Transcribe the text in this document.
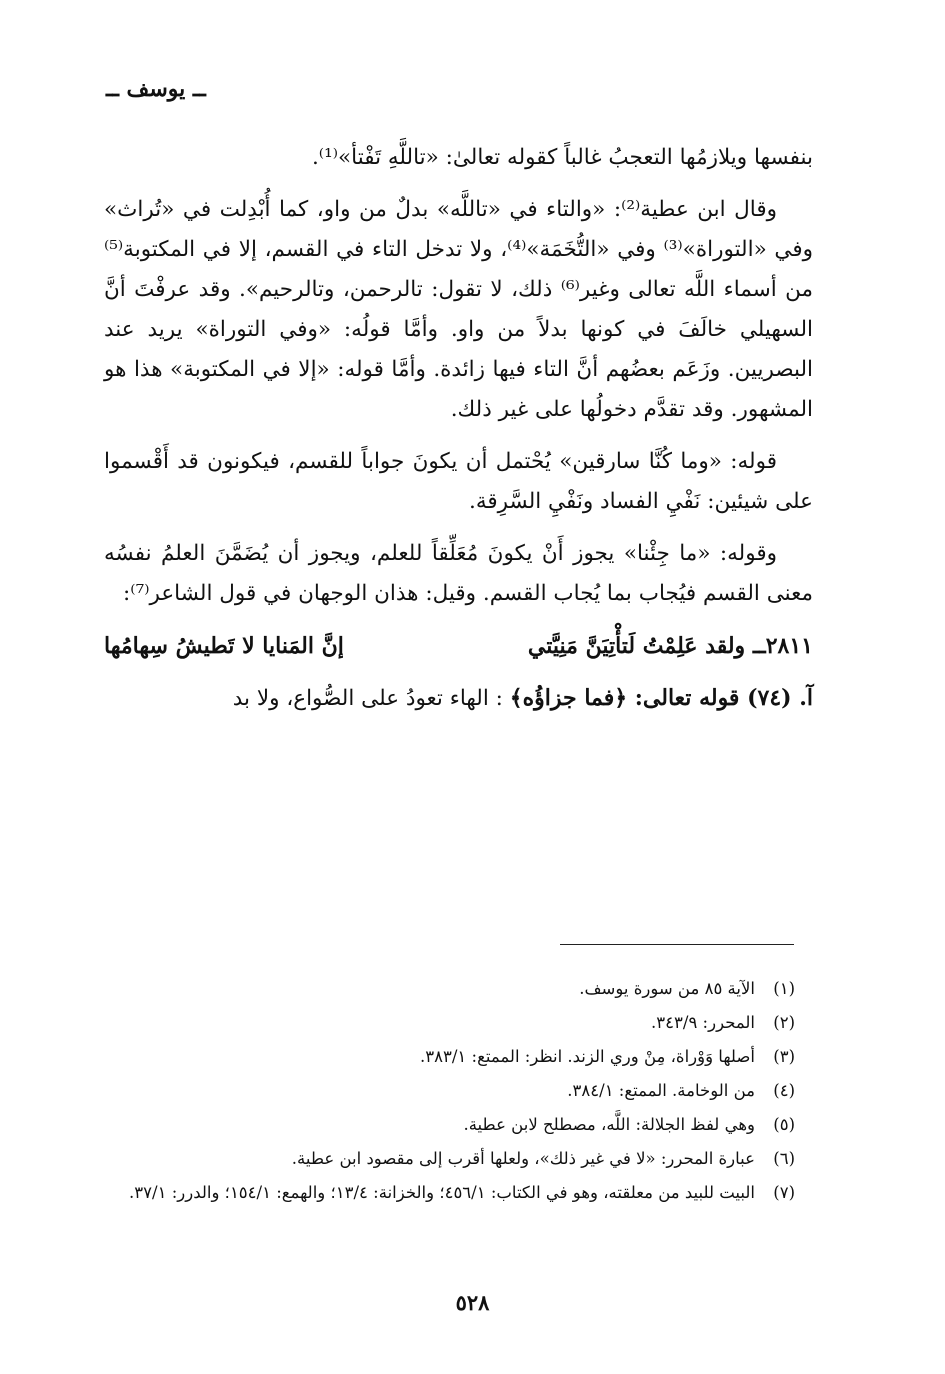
ــ يوسف ــ

بنفسها ويلازمُها التعجبُ غالباً كقوله تعالىٰ: «تاللَّهِ تَفْتأ»⁽¹⁾.

وقال ابن عطية⁽²⁾: «والتاء في «تاللَّه» بدلٌ من واو، كما أُبْدِلت في «تُراث» وفي «التوراة»⁽³⁾ وفي «التُّخَمَة»⁽⁴⁾، ولا تدخل التاء في القسم، إلا في المكتوبة⁽⁵⁾ من أسماء اللَّه تعالى وغير⁽⁶⁾ ذلك، لا تقول: تالرحمن، وتالرحيم». وقد عرفْتَ أنَّ السهيلي خالَفَ في كونها بدلاً من واو. وأمَّا قولُه: «وفي التوراة» يريد عند البصريين. وزَعَم بعضُهم أنَّ التاء فيها زائدة. وأمَّا قوله: «إلا في المكتوبة» هذا هو المشهور. وقد تقدَّم دخولُها على غير ذلك.

قوله: «وما كُنَّا سارقين» يُحْتمل أن يكونَ جواباً للقسم، فيكونون قد أَقْسموا على شيئين: نَفْيِ الفساد ونَفْيِ السَّرِقة.

وقوله: «ما جِئْنا» يجوز أَنْ يكونَ مُعَلِّقاً للعلم، ويجوز أن يُضَمَّنَ العلمُ نفسُه معنى القسم فيُجاب بما يُجاب القسم. وقيل: هذان الوجهان في قول الشاعر⁽⁷⁾:

٢٨١١ــ ولقد عَلِمْتُ لَتأْتِيَنَّ مَنِيَّتي
إنَّ المَنايا لا تَطيشُ سِهامُها

آ. (٧٤) قوله تعالى: ﴿فما جزاؤُه﴾ : الهاء تعودُ على الصُّواع، ولا بد

(١)
الآية ٨٥ من سورة يوسف.
(٢)
المحرر: ٣٤٣/٩.
(٣)
أصلها وَوْراة، مِنْ وري الزند. انظر: الممتع: ٣٨٣/١.
(٤)
من الوخامة. الممتع: ٣٨٤/١.
(٥)
وهي لفظ الجلالة: اللَّه، مصطلح لابن عطية.
(٦)
عبارة المحرر: «لا في غير ذلك»، ولعلها أقرب إلى مقصود ابن عطية.
(٧)
البيت للبيد من معلقته، وهو في الكتاب: ٤٥٦/١؛ والخزانة: ١٣/٤؛ والهمع: ١٥٤/١؛ والدرر: ٣٧/١.
٥٢٨
